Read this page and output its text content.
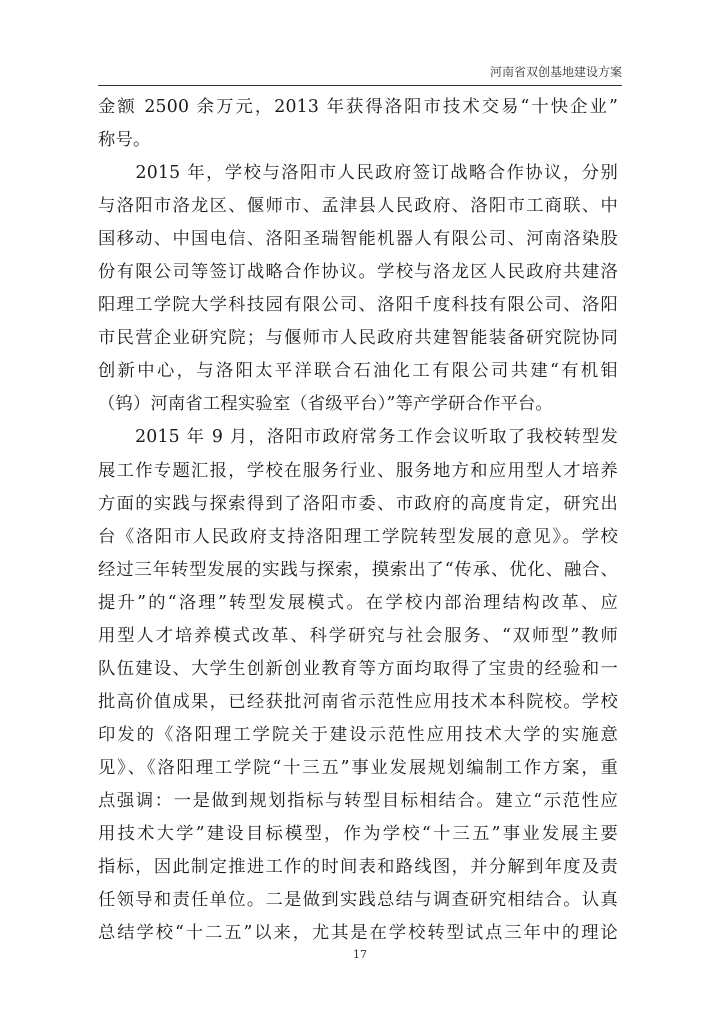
河南省双创基地建设方案
金额 2500 余万元，2013 年获得洛阳市技术交易“十快企业”
称号。
　　2015 年，学校与洛阳市人民政府签订战略合作协议，分别
与洛阳市洛龙区、偃师市、孟津县人民政府、洛阳市工商联、中
国移动、中国电信、洛阳圣瑞智能机器人有限公司、河南洛染股
份有限公司等签订战略合作协议。学校与洛龙区人民政府共建洛
阳理工学院大学科技园有限公司、洛阳千度科技有限公司、洛阳
市民营企业研究院；与偃师市人民政府共建智能装备研究院协同
创新中心，与洛阳太平洋联合石油化工有限公司共建“有机钼
（钨）河南省工程实验室（省级平台）”等产学研合作平台。
　　2015 年 9 月，洛阳市政府常务工作会议听取了我校转型发
展工作专题汇报，学校在服务行业、服务地方和应用型人才培养
方面的实践与探索得到了洛阳市委、市政府的高度肯定，研究出
台《洛阳市人民政府支持洛阳理工学院转型发展的意见》。学校
经过三年转型发展的实践与探索，摸索出了“传承、优化、融合、
提升”的“洛理”转型发展模式。在学校内部治理结构改革、应
用型人才培养模式改革、科学研究与社会服务、“双师型”教师
队伍建设、大学生创新创业教育等方面均取得了宝贵的经验和一
批高价值成果，已经获批河南省示范性应用技术本科院校。学校
印发的《洛阳理工学院关于建设示范性应用技术大学的实施意
见》、《洛阳理工学院“十三五”事业发展规划编制工作方案，重
点强调：一是做到规划指标与转型目标相结合。建立“示范性应
用技术大学”建设目标模型，作为学校“十三五”事业发展主要
指标，因此制定推进工作的时间表和路线图，并分解到年度及责
任领导和责任单位。二是做到实践总结与调查研究相结合。认真
总结学校“十二五”以来，尤其是在学校转型试点三年中的理论
17
